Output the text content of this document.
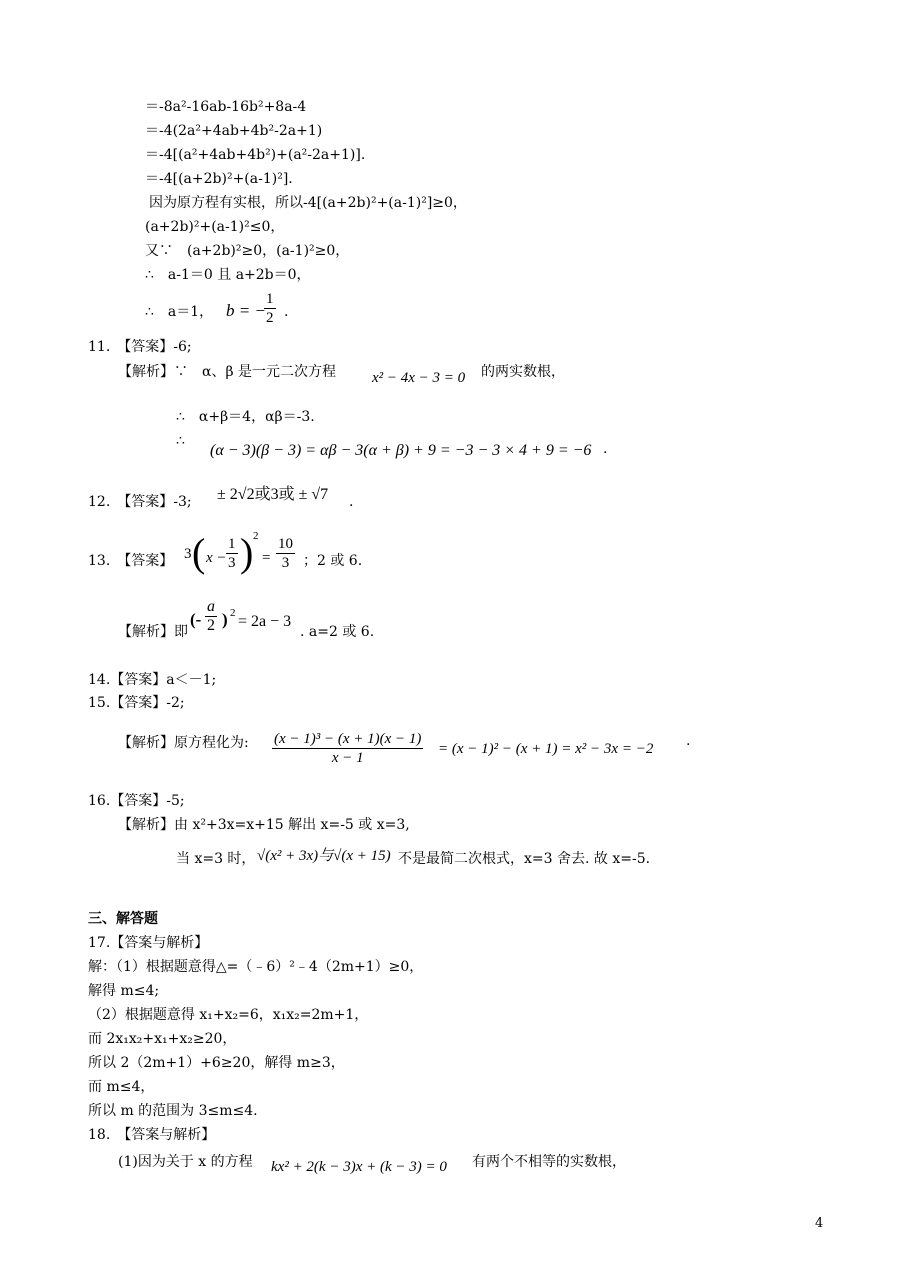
＝-8a²-16ab-16b²+8a-4
＝-4(2a²+4ab+4b²-2a+1)
＝-4[(a²+4ab+4b²)+(a²-2a+1)].
＝-4[(a+2b)²+(a-1)²].
因为原方程有实根，所以-4[(a+2b)²+(a-1)²]≥0，
(a+2b)²+(a-1)²≤0，
又∵　(a+2b)²≥0，(a-1)²≥0，
∴　a-1＝0 且 a+2b＝0，
∴　a＝1， b = −
$\frac{1}{2}$ .
11.　【答案】-6;
【解析】∵　α、β 是一元二次方程 x² − 4x − 3 = 0 的两实数根，
∴　α+β＝4，αβ＝-3.
∴
(α − 3)(β − 3) = αβ − 3(α + β) + 9 = −3 − 3 × 4 + 9 = −6 .
12.　【答案】-3; ± 2√2或3或 ± √7 .
13.　【答案】 3 ( $x - \frac{1}{3}$ ) 2
= $\frac{10}{3}$ ；2 或 6.
【解析】即
(- $\frac{a}{2}$ ) 2 = 2a − 3
. a=2 或 6.
14.【答案】a＜－1;
15.【答案】-2;
【解析】原方程化为: $\frac{\text{(x − 1)³ − (x + 1)(x − 1)}}{x - 1} = (x - 1)^2 - (x + 1) = x^2 - 3x = -2$ .
16.【答案】-5;
【解析】由 x²+3x=x+15 解出 x=-5 或 x=3,
当 x=3 时， √(x² + 3x)与√(x + 15) 不是最简二次根式，x=3 舍去. 故 x=-5.
三、解答题
17.【答案与解析】
解：（1）根据题意得△=（﹣6）²﹣4（2m+1）≥0，
解得 m≤4;
（2）根据题意得 x₁+x₂=6，x₁x₂=2m+1，
而 2x₁x₂+x₁+x₂≥20，
所以 2（2m+1）+6≥20，解得 m≥3，
而 m≤4，
所以 m 的范围为 3≤m≤4.
18.　【答案与解析】
(1)因为关于 x 的方程 kx² + 2(k − 3)x + (k − 3) = 0 有两个不相等的实数根，
4
